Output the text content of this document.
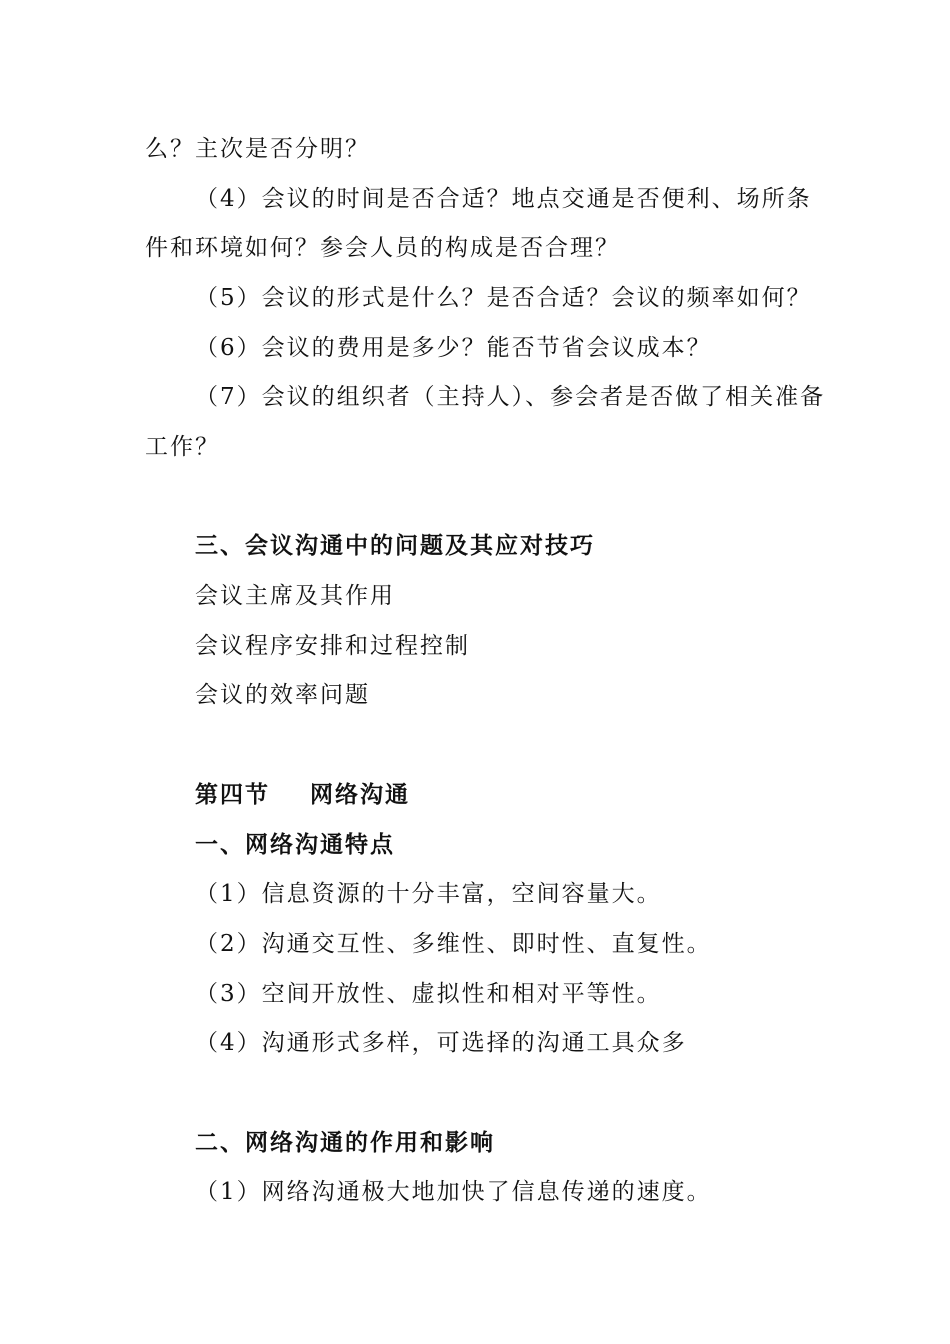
么？主次是否分明？
（4）会议的时间是否合适？地点交通是否便利、场所条
件和环境如何？参会人员的构成是否合理？
（5）会议的形式是什么？是否合适？会议的频率如何？
（6）会议的费用是多少？能否节省会议成本？
（7）会议的组织者（主持人）、参会者是否做了相关准备
工作？
三、会议沟通中的问题及其应对技巧
会议主席及其作用
会议程序安排和过程控制
会议的效率问题
第四节 网络沟通
一、网络沟通特点
（1）信息资源的十分丰富，空间容量大。
（2）沟通交互性、多维性、即时性、直复性。
（3）空间开放性、虚拟性和相对平等性。
（4）沟通形式多样，可选择的沟通工具众多
二、网络沟通的作用和影响
（1）网络沟通极大地加快了信息传递的速度。
